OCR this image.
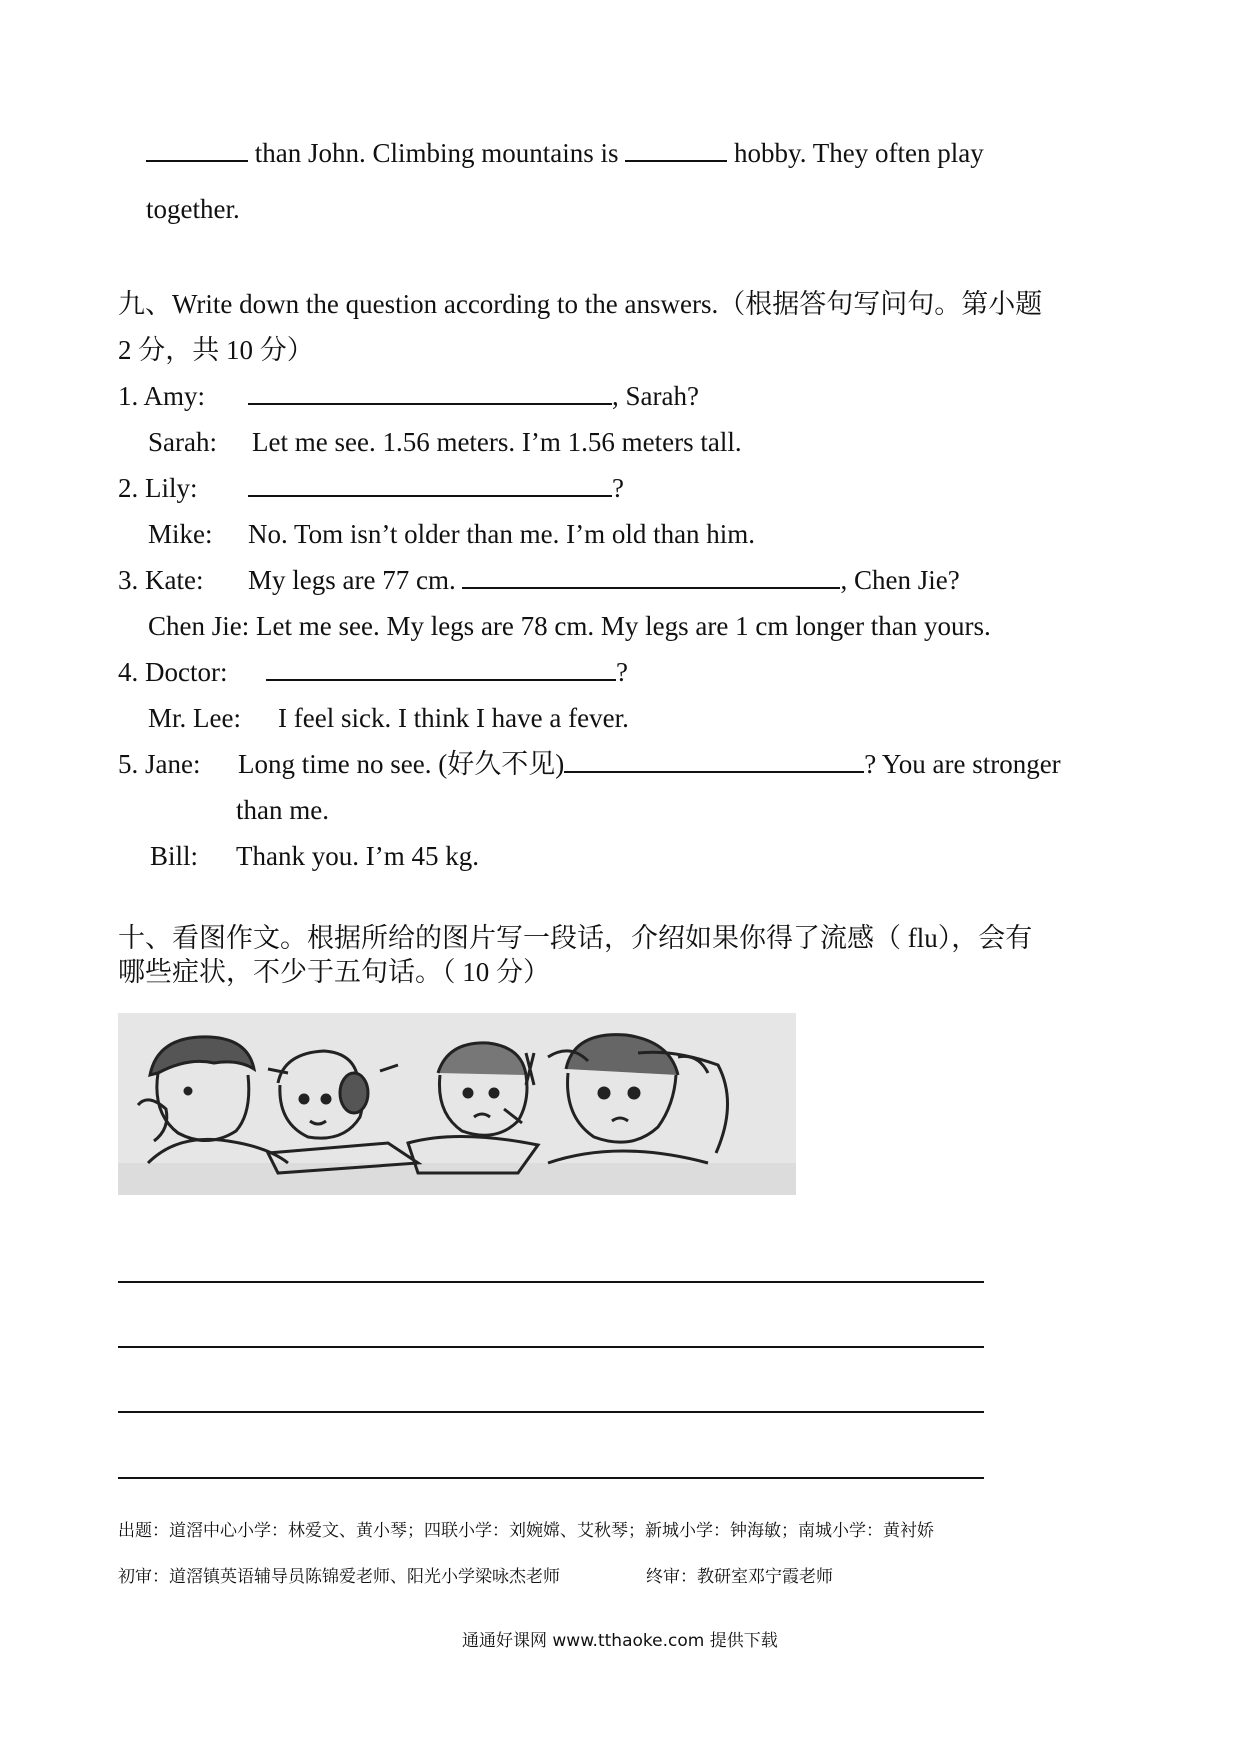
than John. Climbing mountains is	hobby. They often play
together.
九、Write down the question according to the answers.（根据答句写问句。第小题
2 分，共 10 分）
1. Amy:	, Sarah?
Sarah: Let me see. 1.56 meters. I’m 1.56 meters tall.
2. Lily:	?
Mike: No. Tom isn’t older than me. I’m old than him.
3. Kate: My legs are 77 cm.	, Chen Jie?
Chen Jie: Let me see. My legs are 78 cm. My legs are 1 cm longer than yours.
4. Doctor:	?
Mr. Lee: I feel sick. I think I have a fever.
5. Jane: Long time no see. (好久不见)	? You are stronger
than me.
Bill: Thank you. I’m 45 kg.
十、看图作文。根据所给的图片写一段话，介绍如果你得了流感（ flu），会有
哪些症状，不少于五句话。（ 10 分）
出题：道滘中心小学：林爱文、黄小琴；四联小学：刘婉嫦、艾秋琴；新城小学：钟海敏；南城小学：黄衬娇
初审：道滘镇英语辅导员陈锦爱老师、阳光小学梁咏杰老师	终审：教研室邓宁霞老师
通通好课网 www.tthaoke.com 提供下载
